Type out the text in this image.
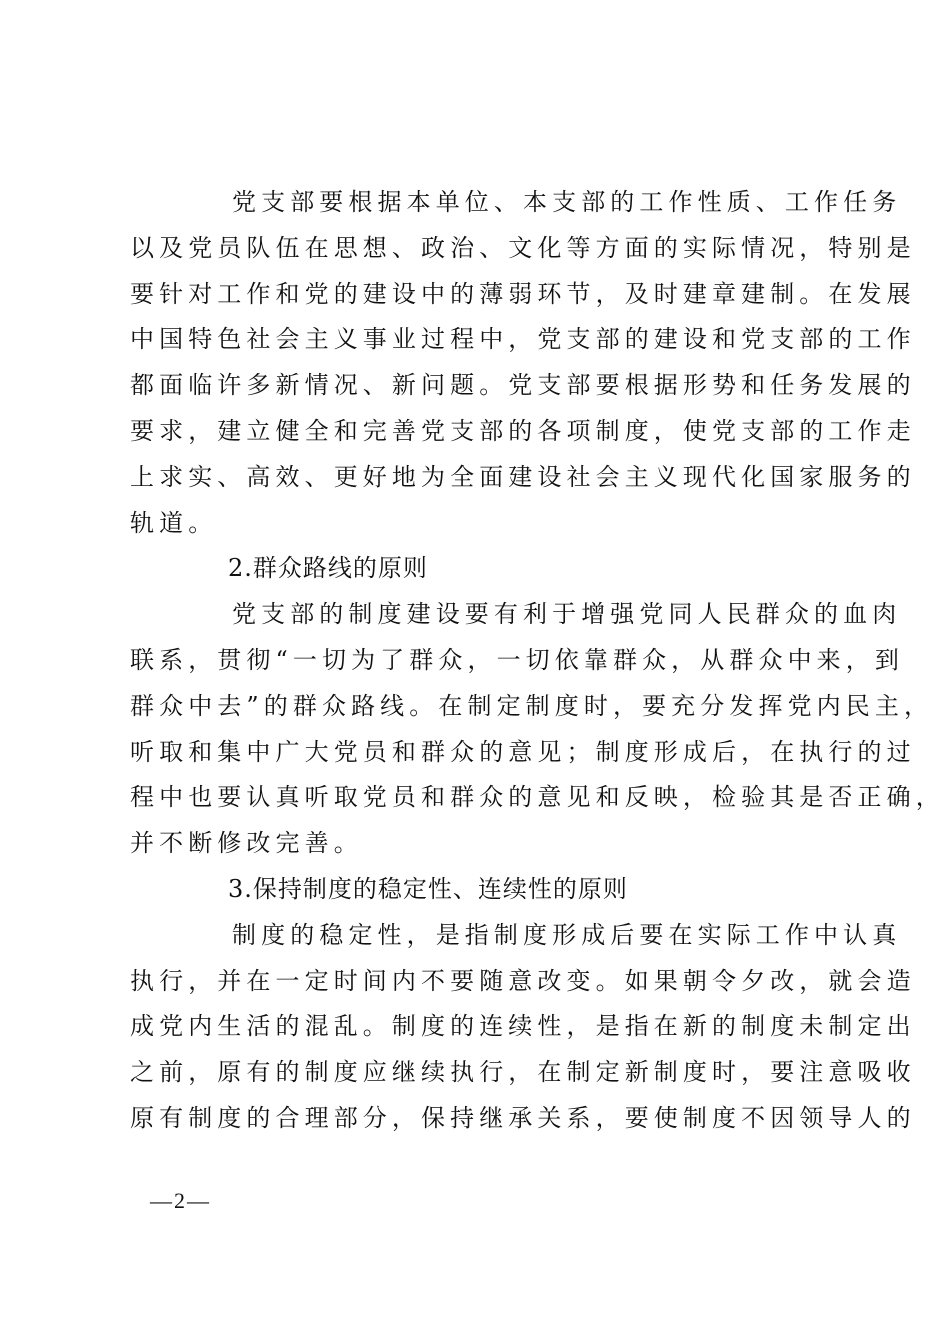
党支部要根据本单位、本支部的工作性质、工作任务
以及党员队伍在思想、政治、文化等方面的实际情况，特别是
要针对工作和党的建设中的薄弱环节，及时建章建制。在发展
中国特色社会主义事业过程中，党支部的建设和党支部的工作
都面临许多新情况、新问题。党支部要根据形势和任务发展的
要求，建立健全和完善党支部的各项制度，使党支部的工作走
上求实、高效、更好地为全面建设社会主义现代化国家服务的
轨道。
2.群众路线的原则
党支部的制度建设要有利于增强党同人民群众的血肉
联系，贯彻“一切为了群众，一切依靠群众，从群众中来，到
群众中去”的群众路线。在制定制度时，要充分发挥党内民主，
听取和集中广大党员和群众的意见；制度形成后，在执行的过
程中也要认真听取党员和群众的意见和反映，检验其是否正确，
并不断修改完善。
3.保持制度的稳定性、连续性的原则
制度的稳定性，是指制度形成后要在实际工作中认真
执行，并在一定时间内不要随意改变。如果朝令夕改，就会造
成党内生活的混乱。制度的连续性，是指在新的制度未制定出
之前，原有的制度应继续执行，在制定新制度时，要注意吸收
原有制度的合理部分，保持继承关系，要使制度不因领导人的
—2—
